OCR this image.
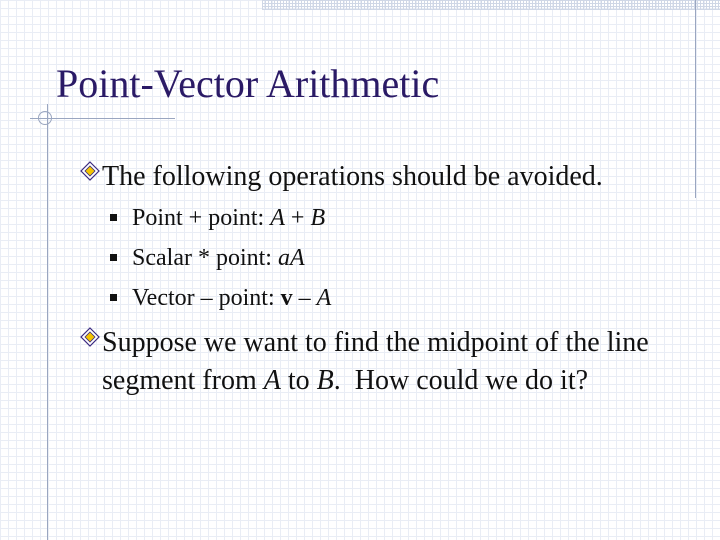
Point-Vector Arithmetic
The following operations should be avoided.
Point + point: A + B
Scalar * point: aA
Vector – point: v – A
Suppose we want to find the midpoint of the line segment from A to B.  How could we do it?
